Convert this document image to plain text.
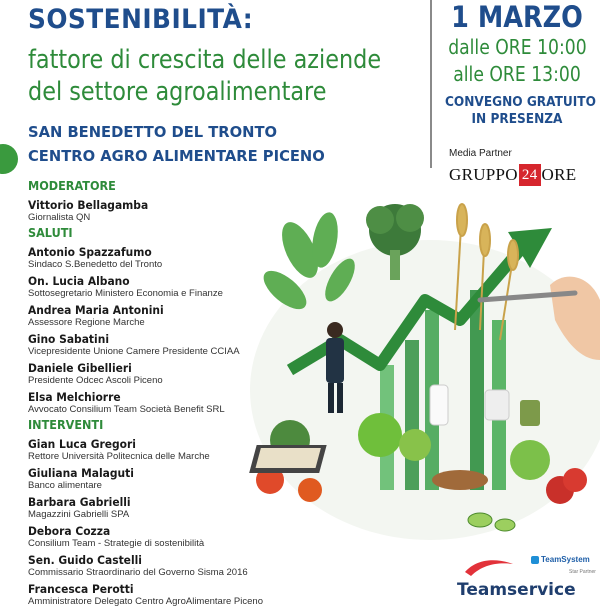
SOSTENIBILITÀ:
fattore di crescita delle aziende
del settore agroalimentare
SAN BENEDETTO DEL TRONTO
CENTRO AGRO ALIMENTARE PICENO
1 MARZO
dalle ORE 10:00
alle ORE 13:00
CONVEGNO GRATUITO
IN PRESENZA
Media Partner
GRUPPO 24 ORE
MODERATORE
Vittorio Bellagamba
Giornalista QN
SALUTI
Antonio Spazzafumo
Sindaco S.Benedetto del Tronto
On. Lucia Albano
Sottosegretario Ministero Economia e Finanze
Andrea Maria Antonini
Assessore Regione Marche
Gino Sabatini
Vicepresidente Unione Camere Presidente CCIAA
Daniele Gibellieri
Presidente Odcec Ascoli Piceno
Elsa Melchiorre
Avvocato Consilium Team Società Benefit SRL
INTERVENTI
Gian Luca Gregori
Rettore Università Politecnica delle Marche
Giuliana Malaguti
Banco alimentare
Barbara Gabrielli
Magazzini Gabrielli SPA
Debora Cozza
Consilium Team - Strategie di sostenibilità
Sen. Guido Castelli
Commissario Straordinario del Governo Sisma 2016
Francesca Perotti
Amministratore Delegato Centro AgroAlimentare Piceno
TeamSystem
Star Partner
Teamservice
